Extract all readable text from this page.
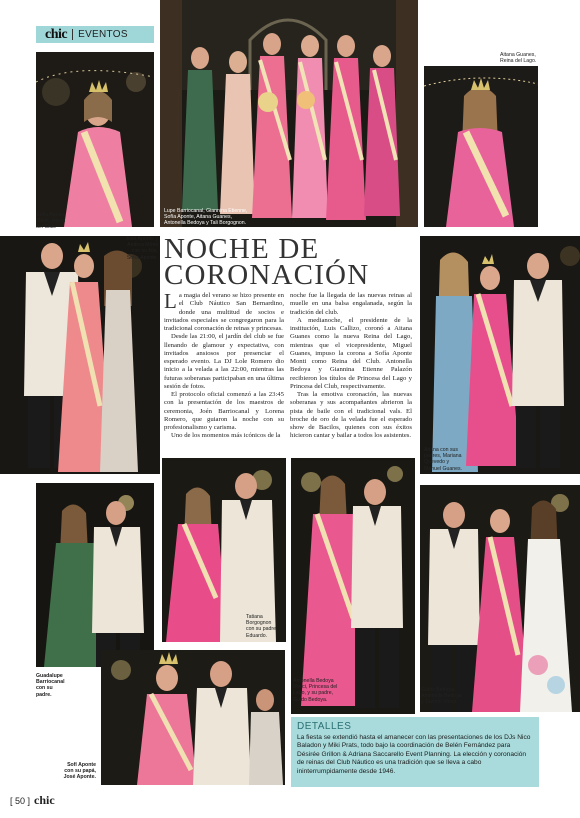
chic EVENTOS
Sofía Aponte
Monti, Reina
del Club.
Lupe Barriocanal, Giannina Etienne,
Sofía Aponte, Aitana Guanes,
Antonella Bedoya y Tali Borgognon.
Aitana Guanes,
Reina del Lago.
José Aponte y
Andrea Monti
con su hija,
Sofía Aponte. NOCHE DE
CORONACIÓN

La magia del verano se hizo presente en el Club Náutico San Bernardino, donde una multitud de socios e invitados especiales se congregaron para la tradicional coronación de reinas y princesas.

Desde las 21:00, el jardín del club se fue llenando de glamour y expectativa, con invitados ansiosos por presenciar el esperado evento. La DJ Lole Romero dio inicio a la velada a las 22:00, mientras las futuras soberanas participaban en una última sesión de fotos.

El protocolo oficial comenzó a las 23:45 con la presentación de los maestros de ceremonia, Joén Barriocanal y Lorena Romero, que guiaron la noche con su profesionalismo y carisma.

Uno de los momentos más icónicos de la

noche fue la llegada de las nuevas reinas al muelle en una balsa engalanada, según la tradición del club.

A medianoche, el presidente de la institución, Luis Callizo, coronó a Aitana Guanes como la nueva Reina del Lago, mientras que el vicepresidente, Miguel Guanes, impuso la corona a Sofía Aponte Monti como Reina del Club. Antonella Bedoya y Giannina Etienne Palazón recibieron los títulos de Princesa del Lago y Princesa del Club, respectivamente.

Tras la emotiva coronación, las nuevas soberanas y sus acompañantes abrieron la pista de baile con el tradicional vals. El broche de oro de la velada fue el esperado show de Bacilos, quienes con sus éxitos hicieron cantar y bailar a todos los asistentes.

Aitana con sus
padres, Mariana
Quevedo y
Manuel Guanes.
Guadalupe
Barriocanal
con su
padre.
Tatiana
Borgognon
con su padre,
Eduardo.
Antonella Bedoya
Vierci, Princesa del
Lago, y su padre,
Guido Bedoya.
Guido Bedoya,
Antonella Bedoya
y Jazmín Vierci.
Sofí Aponte
con su papá,
José Aponte.
DETALLES
La fiesta se extendió hasta el amanecer con las presentaciones de los DJs Nico Baladon y Miki Prats, todo bajo la coordinación de Belén Fernández para Désirée Grillon & Adriana Saccarello Event Planning. La elección y coronación de reinas del Club Náutico es una tradición que se lleva a cabo ininterrumpidamente desde 1946.
[ 50 ] chic
